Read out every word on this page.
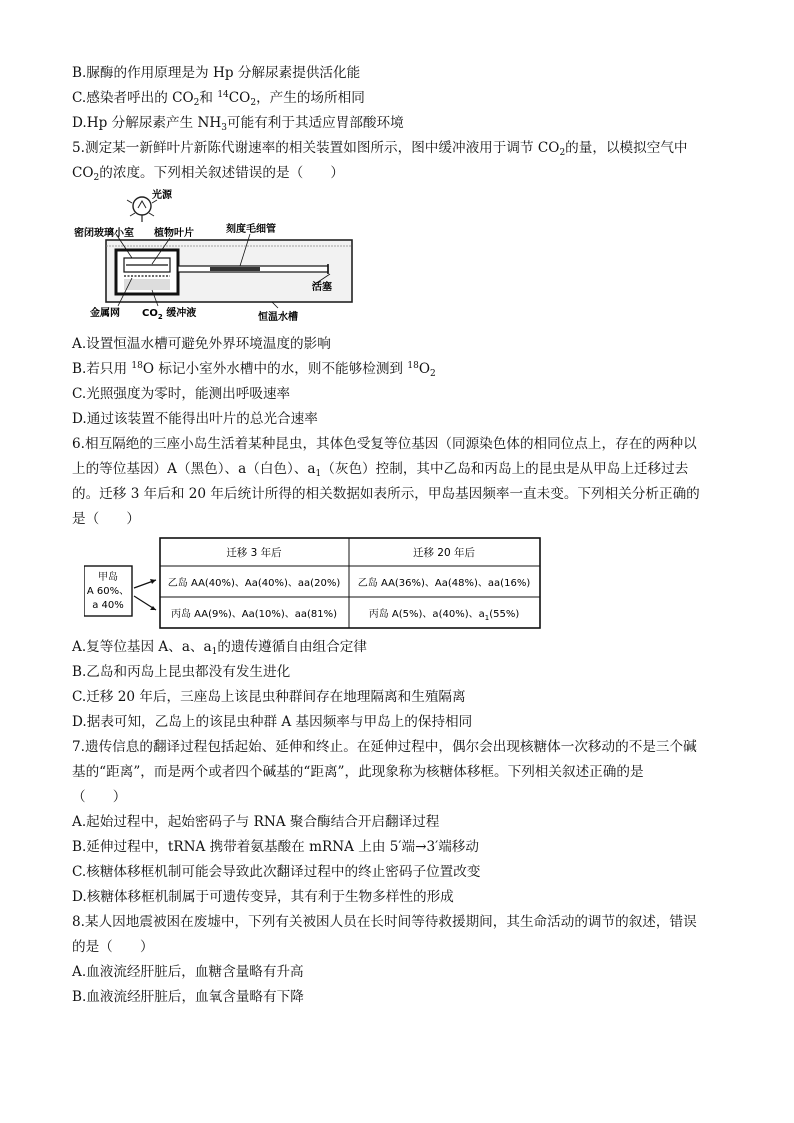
B.脲酶的作用原理是为 Hp 分解尿素提供活化能
C.感染者呼出的 $CO_2$和 $^{14}CO_2$，产生的场所相同
D.Hp 分解尿素产生 $NH_3$可能有利于其适应胃部酸环境
5.测定某一新鲜叶片新陈代谢速率的相关装置如图所示，图中缓冲液用于调节 $CO_2$的量，以模拟空气中
$CO_2$的浓度。下列相关叙述错误的是（　　）
光源
密闭玻璃小室 植物叶片	刻度毛细管
活塞
金属网 $CO_2$ 缓冲液	恒温水槽
A.设置恒温水槽可避免外界环境温度的影响
B.若只用 $^{18}$O 标记小室外水槽中的水，则不能够检测到 $^{18}O_2$
C.光照强度为零时，能测出呼吸速率
D.通过该装置不能得出叶片的总光合速率
6.相互隔绝的三座小岛生活着某种昆虫，其体色受复等位基因（同源染色体的相同位点上，存在的两种以
上的等位基因）A（黑色）、a（白色）、$a_1$（灰色）控制，其中乙岛和丙岛上的昆虫是从甲岛上迁移过去
的。迁移 3 年后和 20 年后统计所得的相关数据如表所示，甲岛基因频率一直未变。下列相关分析正确的
是（　　）
甲岛
A 60%、
a 40%
迁移 3 年后	迁移 20 年后
乙岛 AA(40%)、Aa(40%)、aa(20%) 乙岛 AA(36%)、Aa(48%)、aa(16%)
丙岛 AA(9%)、Aa(10%)、aa(81%)	丙岛 A(5%)、a(40%)、$a_1(55\%)$
A.复等位基因 A、a、$a_1$的遗传遵循自由组合定律
B.乙岛和丙岛上昆虫都没有发生进化
C.迁移 20 年后，三座岛上该昆虫种群间存在地理隔离和生殖隔离
D.据表可知，乙岛上的该昆虫种群 A 基因频率与甲岛上的保持相同
7.遗传信息的翻译过程包括起始、延伸和终止。在延伸过程中，偶尔会出现核糖体一次移动的不是三个碱
基的“距离”，而是两个或者四个碱基的“距离”，此现象称为核糖体移框。下列相关叙述正确的是
（　　）
A.起始过程中，起始密码子与 RNA 聚合酶结合开启翻译过程
B.延伸过程中，tRNA 携带着氨基酸在 mRNA 上由 5′端→3′端移动
C.核糖体移框机制可能会导致此次翻译过程中的终止密码子位置改变
D.核糖体移框机制属于可遗传变异，其有利于生物多样性的形成
8.某人因地震被困在废墟中，下列有关被困人员在长时间等待救援期间，其生命活动的调节的叙述，错误
的是（　　）
A.血液流经肝脏后，血糖含量略有升高
B.血液流经肝脏后，血氧含量略有下降
